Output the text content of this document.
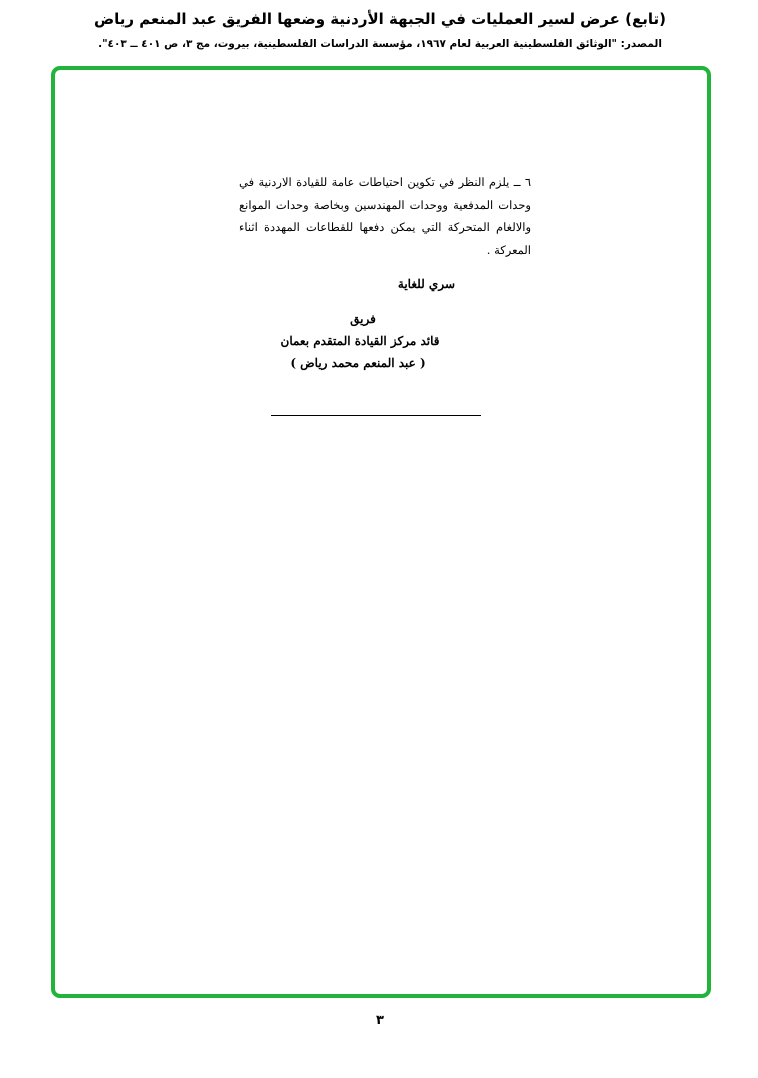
(تابع) عرض لسير العمليات في الجبهة الأردنية وضعها الفريق عبد المنعم رياض
المصدر: "الوثائق الفلسطينية العربية لعام ١٩٦٧، مؤسسة الدراسات الفلسطينية، بيروت، مج ٣، ص ٤٠١ ــ ٤٠٣".
٦ ــ يلزم النظر في تكوين احتياطات عامة للقيادة الاردنية في وحدات المدفعية ووحدات المهندسين وبخاصة وحدات الموانع والالغام المتحركة التي يمكن دفعها للقطاعات المهددة اثناء المعركة .
سري للغاية
فريق
قائد مركز القيادة المتقدم بعمان
( عبد المنعم محمد رياض )
٣
